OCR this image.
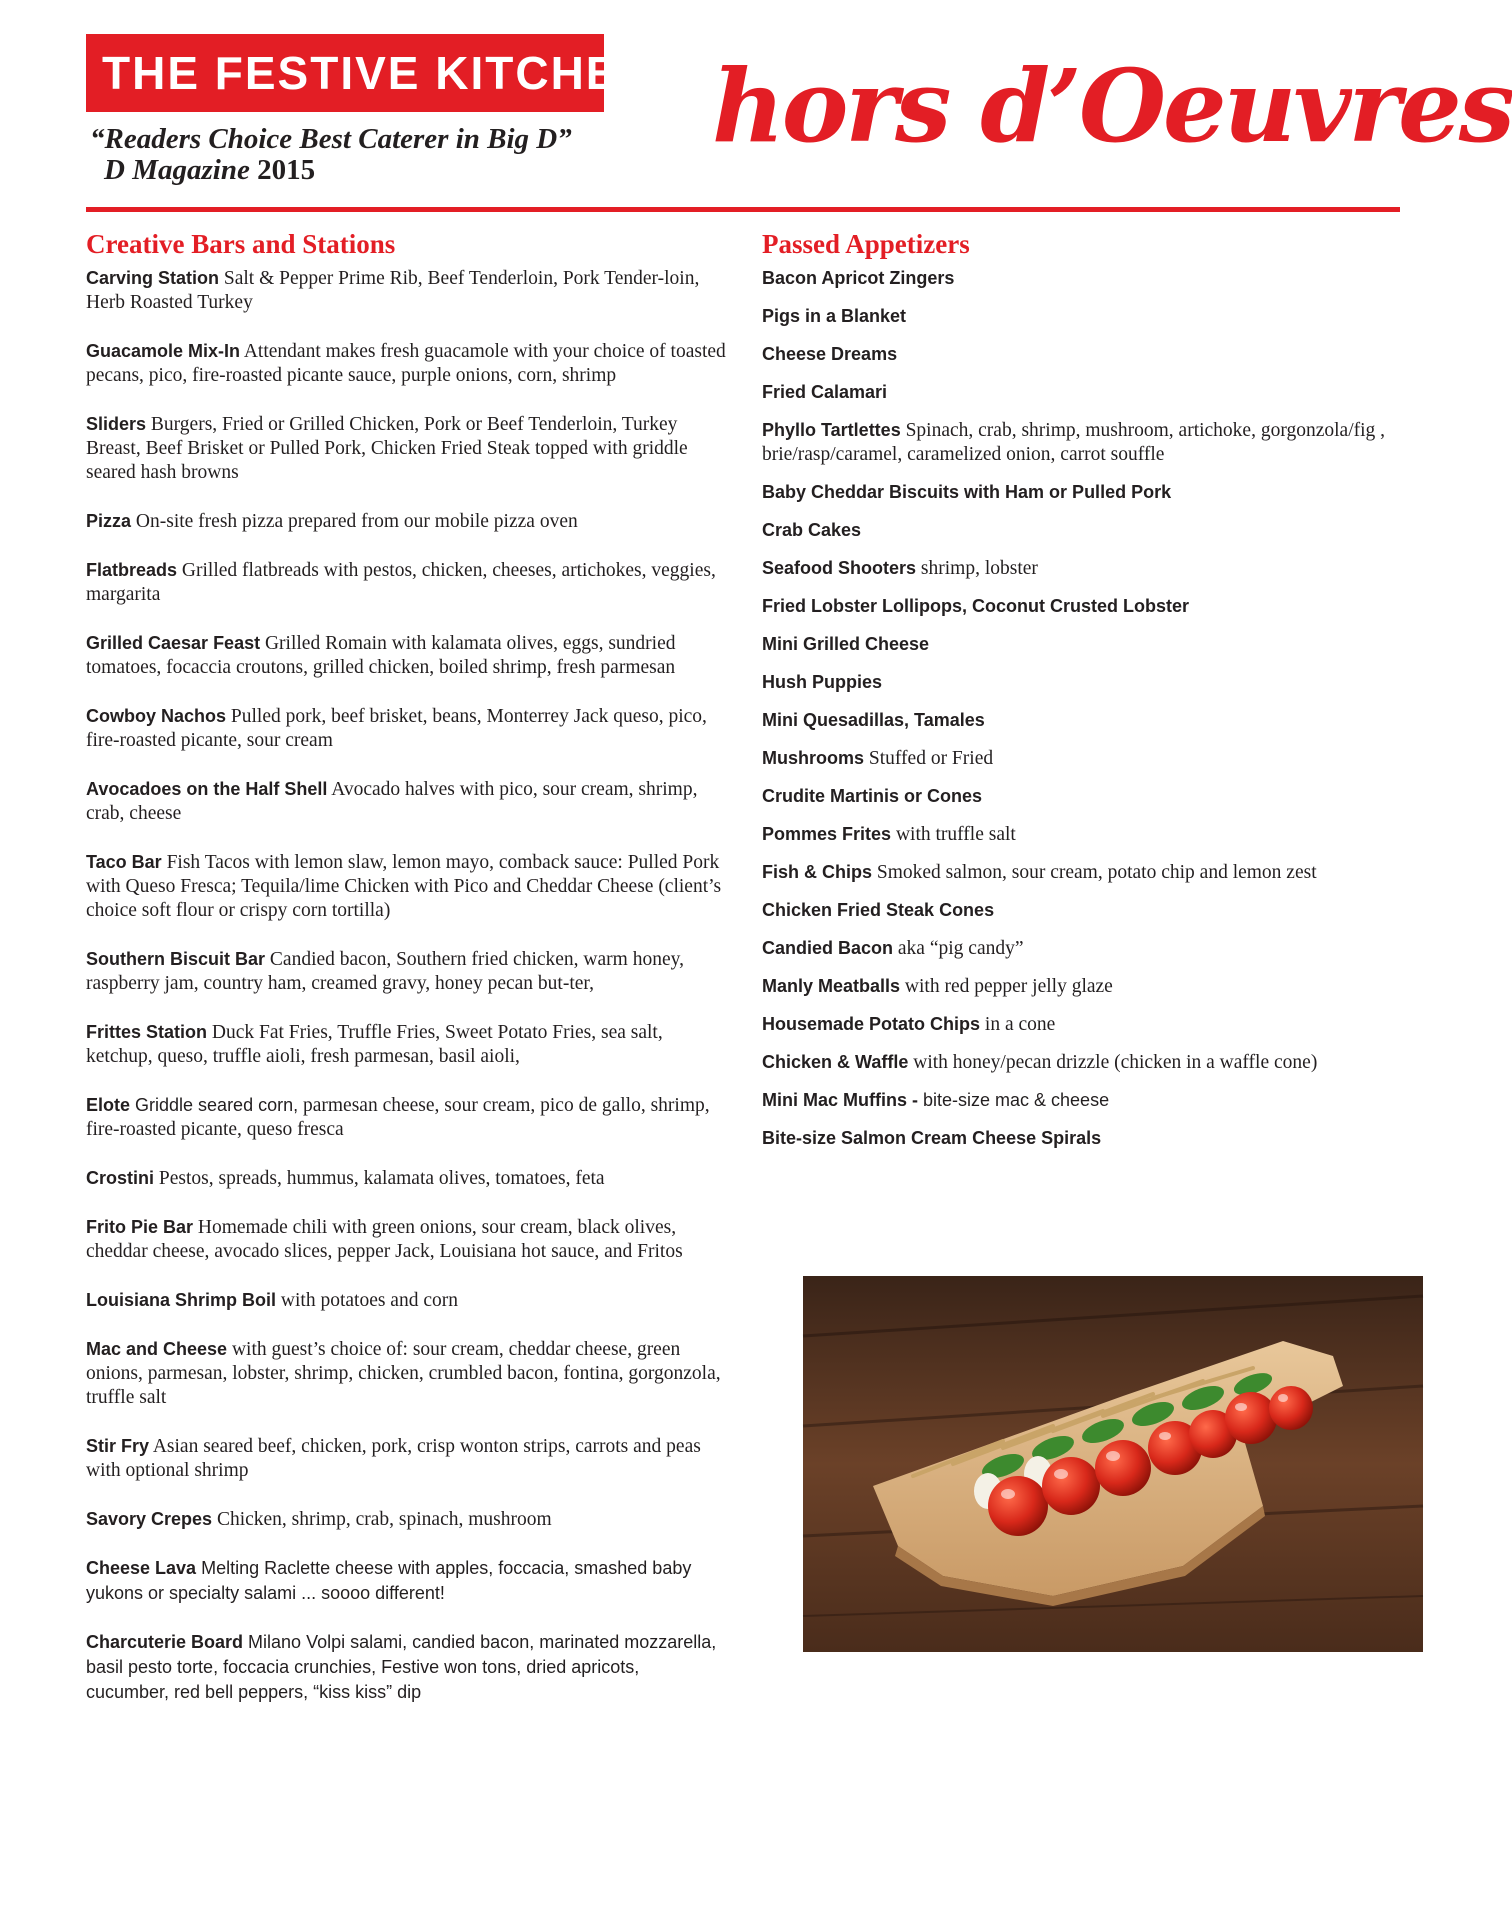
THE FESTIVE KITCHEN®
“Readers Choice Best Caterer in Big D”
D Magazine 2015
hors d’Oeuvres
Creative Bars and Stations
Carving Station Salt & Pepper Prime Rib, Beef Tenderloin, Pork Tender-loin, Herb Roasted Turkey
Guacamole Mix-In Attendant makes fresh guacamole with your choice of toasted pecans, pico, fire-roasted picante sauce, purple onions, corn, shrimp
Sliders Burgers, Fried or Grilled Chicken, Pork or Beef Tenderloin, Turkey Breast, Beef Brisket or Pulled Pork, Chicken Fried Steak topped with griddle seared hash browns
Pizza On-site fresh pizza prepared from our mobile pizza oven
Flatbreads Grilled flatbreads with pestos, chicken, cheeses, artichokes, veggies, margarita
Grilled Caesar Feast Grilled Romain with kalamata olives, eggs, sundried tomatoes, focaccia croutons, grilled chicken, boiled shrimp, fresh parmesan
Cowboy Nachos Pulled pork, beef brisket, beans, Monterrey Jack queso, pico, fire-roasted picante, sour cream
Avocadoes on the Half Shell Avocado halves with pico, sour cream, shrimp, crab, cheese
Taco Bar Fish Tacos with lemon slaw, lemon mayo, comback sauce: Pulled Pork with Queso Fresca; Tequila/lime Chicken with Pico and Cheddar Cheese (client’s choice soft flour or crispy corn tortilla)
Southern Biscuit Bar Candied bacon, Southern fried chicken, warm honey, raspberry jam, country ham, creamed gravy, honey pecan but-ter,
Frittes Station Duck Fat Fries, Truffle Fries, Sweet Potato Fries, sea salt, ketchup, queso, truffle aioli, fresh parmesan, basil aioli,
Elote Griddle seared corn, parmesan cheese, sour cream, pico de gallo, shrimp, fire-roasted picante, queso fresca
Crostini Pestos, spreads, hummus, kalamata olives, tomatoes, feta
Frito Pie Bar Homemade chili with green onions, sour cream, black olives, cheddar cheese, avocado slices, pepper Jack, Louisiana hot sauce, and Fritos
Louisiana Shrimp Boil with potatoes and corn
Mac and Cheese with guest’s choice of: sour cream, cheddar cheese, green onions, parmesan, lobster, shrimp, chicken, crumbled bacon, fontina, gorgonzola, truffle salt
Stir Fry Asian seared beef, chicken, pork, crisp wonton strips, carrots and peas with optional shrimp
Savory Crepes Chicken, shrimp, crab, spinach, mushroom
Cheese Lava Melting Raclette cheese with apples, foccacia, smashed baby yukons or specialty salami ... soooo different!
Charcuterie Board Milano Volpi salami, candied bacon, marinated mozzarella, basil pesto torte, foccacia crunchies, Festive won tons, dried apricots, cucumber, red bell peppers, “kiss kiss” dip
Passed Appetizers
Bacon Apricot Zingers
Pigs in a Blanket
Cheese Dreams
Fried Calamari
Phyllo Tartlettes Spinach, crab, shrimp, mushroom, artichoke, gorgonzola/fig , brie/rasp/caramel, caramelized onion, carrot souffle
Baby Cheddar Biscuits with Ham or Pulled Pork
Crab Cakes
Seafood Shooters shrimp, lobster
Fried Lobster Lollipops, Coconut Crusted Lobster
Mini Grilled Cheese
Hush Puppies
Mini Quesadillas, Tamales
Mushrooms Stuffed or Fried
Crudite Martinis or Cones
Pommes Frites with truffle salt
Fish & Chips Smoked salmon, sour cream, potato chip and lemon zest
Chicken Fried Steak Cones
Candied Bacon aka “pig candy”
Manly Meatballs with red pepper jelly glaze
Housemade Potato Chips in a cone
Chicken & Waffle with honey/pecan drizzle (chicken in a waffle cone)
Mini Mac Muffins - bite-size mac & cheese
Bite-size Salmon Cream Cheese Spirals
